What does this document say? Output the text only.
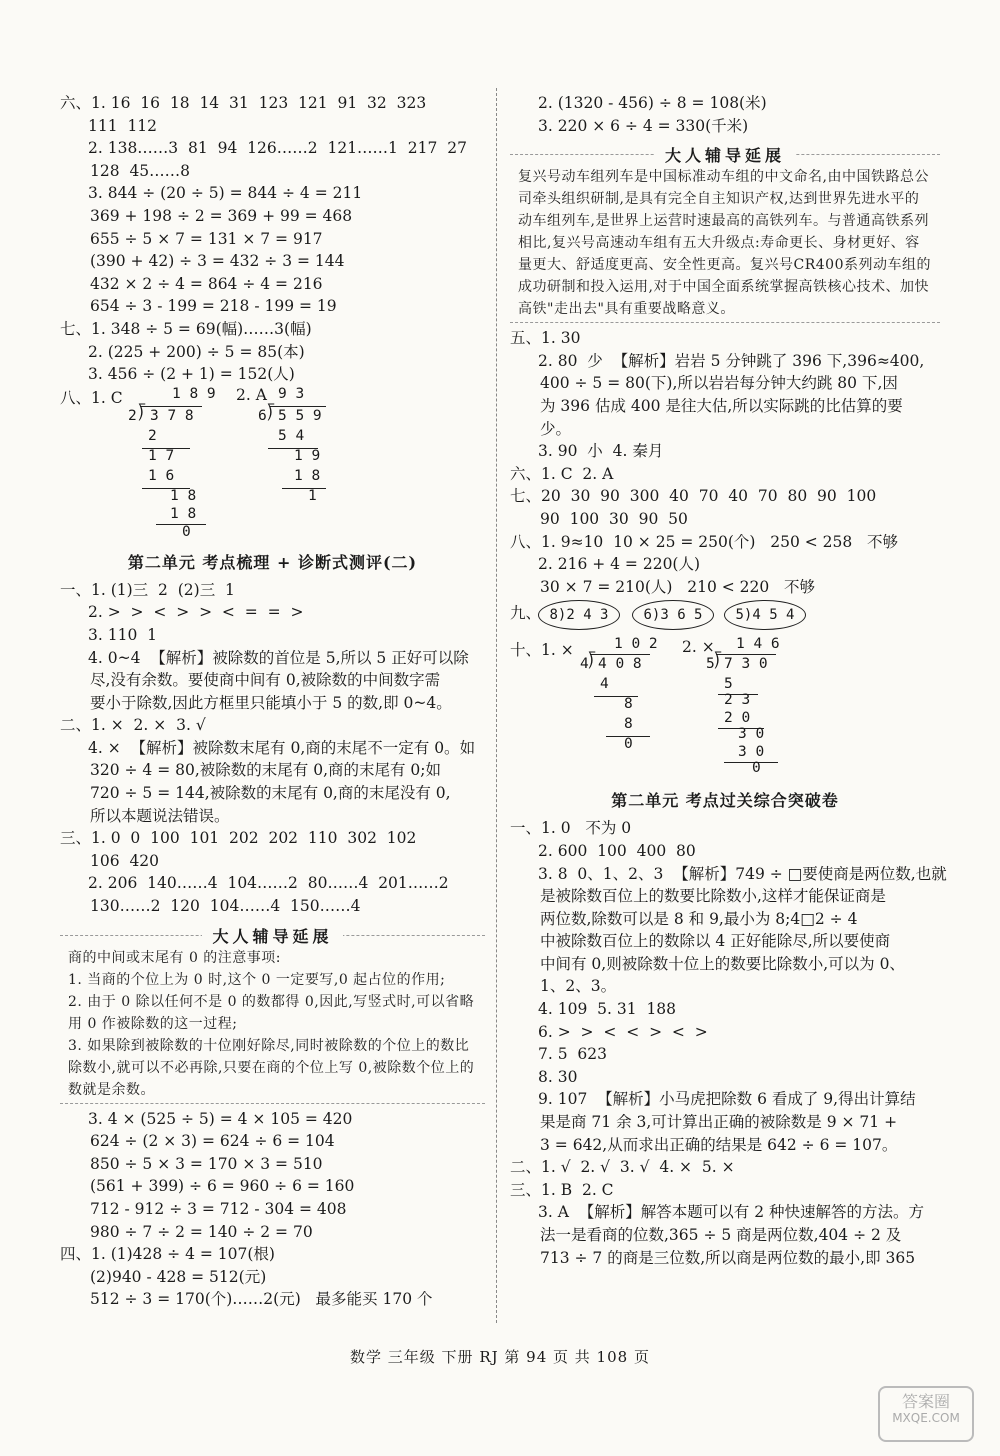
六、1. 16  16  18  14  31  123  121  91  32  323
111  112
2. 138……3  81  94  126……2  121……1  217  27
128  45……8
3. 844 ÷ (20 ÷ 5) = 844 ÷ 4 = 211
369 + 198 ÷ 2 = 369 + 99 = 468
655 ÷ 5 × 7 = 131 × 7 = 917
(390 + 42) ÷ 3 = 432 ÷ 3 = 144
432 × 2 ÷ 4 = 864 ÷ 4 = 216
654 ÷ 3 - 199 = 218 - 199 = 19
七、1. 348 ÷ 5 = 69(幅)……3(幅)
2. (225 + 200) ÷ 5 = 85(本)
3. 456 ÷ (2 + 1) = 152(人)
八、1. C	1 8 9
2 ⟌ 3 7 8
2
1 7
1 6
1 8
1 8
0
2. A 9 3
6 ⟌ 5 5 9
5 4
1 9
1 8
1
第二单元 考点梳理 + 诊断式测评(二)
一、1. (1)三  2  (2)三  1
2. >  >  <  >  >  <  =  =  >
3. 110  1
4. 0~4  【解析】被除数的首位是 5,所以 5 正好可以除
尽,没有余数。要使商中间有 0,被除数的中间数字需
要小于除数,因此方框里只能填小于 5 的数,即 0~4。
二、1. ×  2. ×  3. √
4. ×  【解析】被除数末尾有 0,商的末尾不一定有 0。如
320 ÷ 4 = 80,被除数的末尾有 0,商的末尾有 0;如
720 ÷ 5 = 144,被除数的末尾有 0,商的末尾没有 0,
所以本题说法错误。
三、1. 0  0  100  101  202  202  110  302  102
106  420
2. 206  140……4  104……2  80……4  201……2
130……2  120  104……4  150……4
大人辅导延展
商的中间或末尾有 0 的注意事项:
1. 当商的个位上为 0 时,这个 0 一定要写,0 起占位的作用;
2. 由于 0 除以任何不是 0 的数都得 0,因此,写竖式时,可以省略用 0 作被除数的这一过程;
3. 如果除到被除数的十位刚好除尽,同时被除数的个位上的数比除数小,就可以不必再除,只要在商的个位上写 0,被除数个位上的数就是余数。
3. 4 × (525 ÷ 5) = 4 × 105 = 420
624 ÷ (2 × 3) = 624 ÷ 6 = 104
850 ÷ 5 × 3 = 170 × 3 = 510
(561 + 399) ÷ 6 = 960 ÷ 6 = 160
712 - 912 ÷ 3 = 712 - 304 = 408
980 ÷ 7 ÷ 2 = 140 ÷ 2 = 70
四、1. (1)428 ÷ 4 = 107(根)
(2)940 - 428 = 512(元)
512 ÷ 3 = 170(个)……2(元)   最多能买 170 个
2. (1320 - 456) ÷ 8 = 108(米)
3. 220 × 6 ÷ 4 = 330(千米)
大人辅导延展
复兴号动车组列车是中国标准动车组的中文命名,由中国铁路总公司牵头组织研制,是具有完全自主知识产权,达到世界先进水平的动车组列车,是世界上运营时速最高的高铁列车。与普通高铁系列相比,复兴号高速动车组有五大升级点:寿命更长、身材更好、容量更大、舒适度更高、安全性更高。复兴号CR400系列动车组的成功研制和投入运用,对于中国全面系统掌握高铁核心技术、加快高铁"走出去"具有重要战略意义。
五、1. 30
2. 80  少  【解析】岩岩 5 分钟跳了 396 下,396≈400,
400 ÷ 5 = 80(下),所以岩岩每分钟大约跳 80 下,因
为 396 估成 400 是往大估,所以实际跳的比估算的要
少。
3. 90  小  4. 秦月
六、1. C  2. A
七、20  30  90  300  40  70  40  70  80  90  100
90  100  30  90  50
八、1. 9≈10  10 × 25 = 250(个)   250 < 258   不够
2. 216 + 4 = 220(人)
30 × 7 = 210(人)   210 < 220   不够
九、 8)2 4 3	6)3 6 5	5)4 5 4
十、1. ×	1 0 2
4 ⟌ 4 0 8
4
8
8
0
2. × 1 4 6
5 ⟌ 7 3 0
5
2 3
2 0
3 0
3 0
0
第二单元 考点过关综合突破卷
一、1. 0   不为 0
2. 600  100  400  80
3. 8  0、1、2、3  【解析】749 ÷ □要使商是两位数,也就
是被除数百位上的数要比除数小,这样才能保证商是
两位数,除数可以是 8 和 9,最小为 8;4□2 ÷ 4
中被除数百位上的数除以 4 正好能除尽,所以要使商
中间有 0,则被除数十位上的数要比除数小,可以为 0、
1、2、3。
4. 109  5. 31  188
6. >  >  <  <  >  <  >
7. 5  623
8. 30
9. 107  【解析】小马虎把除数 6 看成了 9,得出计算结
果是商 71 余 3,可计算出正确的被除数是 9 × 71 +
3 = 642,从而求出正确的结果是 642 ÷ 6 = 107。
二、1. √  2. √  3. √  4. ×  5. ×
三、1. B  2. C
3. A  【解析】解答本题可以有 2 种快速解答的方法。方
法一是看商的位数,365 ÷ 5 商是两位数,404 ÷ 2 及
713 ÷ 7 的商是三位数,所以商是两位数的最小,即 365
数学 三年级 下册 RJ 第 94 页 共 108 页
答案圈
MXQE.COM
